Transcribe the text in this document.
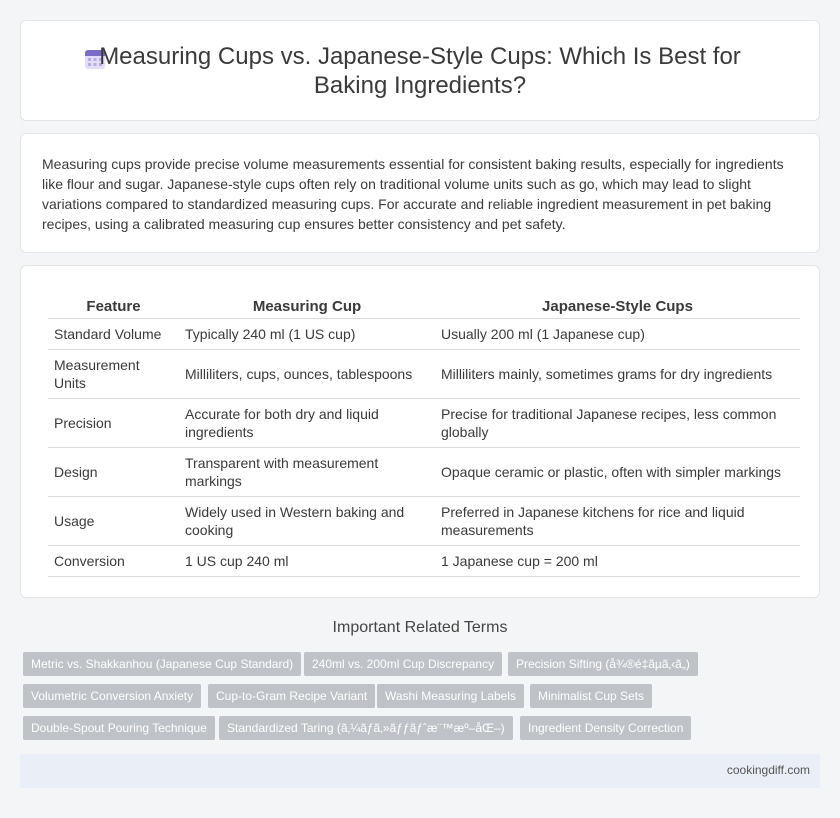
Measuring Cups vs. Japanese-Style Cups: Which Is Best for Baking Ingredients?

Measuring cups provide precise volume measurements essential for consistent baking results, especially for ingredients like flour and sugar. Japanese-style cups often rely on traditional volume units such as go, which may lead to slight variations compared to standardized measuring cups. For accurate and reliable ingredient measurement in pet baking recipes, using a calibrated measuring cup ensures better consistency and pet safety.

Feature	Measuring Cup	Japanese-Style Cups
Standard Volume	Typically 240 ml (1 US cup)	Usually 200 ml (1 Japanese cup)
Measurement Units	Milliliters, cups, ounces, tablespoons	Milliliters mainly, sometimes grams for dry ingredients
Precision	Accurate for both dry and liquid ingredients	Precise for traditional Japanese recipes, less common globally
Design	Transparent with measurement markings	Opaque ceramic or plastic, often with simpler markings
Usage	Widely used in Western baking and cooking	Preferred in Japanese kitchens for rice and liquid measurements
Conversion	1 US cup 240 ml	1 Japanese cup = 200 ml
Important Related Terms
Metric vs. Shakkanhou (Japanese Cup Standard)	240ml vs. 200ml Cup Discrepancy	Precision Sifting (å¾®é‡ãµã‚‹ã„)
Volumetric Conversion Anxiety	Cup-to-Gram Recipe Variant	Washi Measuring Labels	Minimalist Cup Sets
Double-Spout Pouring Technique	Standardized Taring (ã‚¼ãƒã‚»ãƒƒãƒˆæ¨™æº–åŒ–)	Ingredient Density Correction
cookingdiff.com
